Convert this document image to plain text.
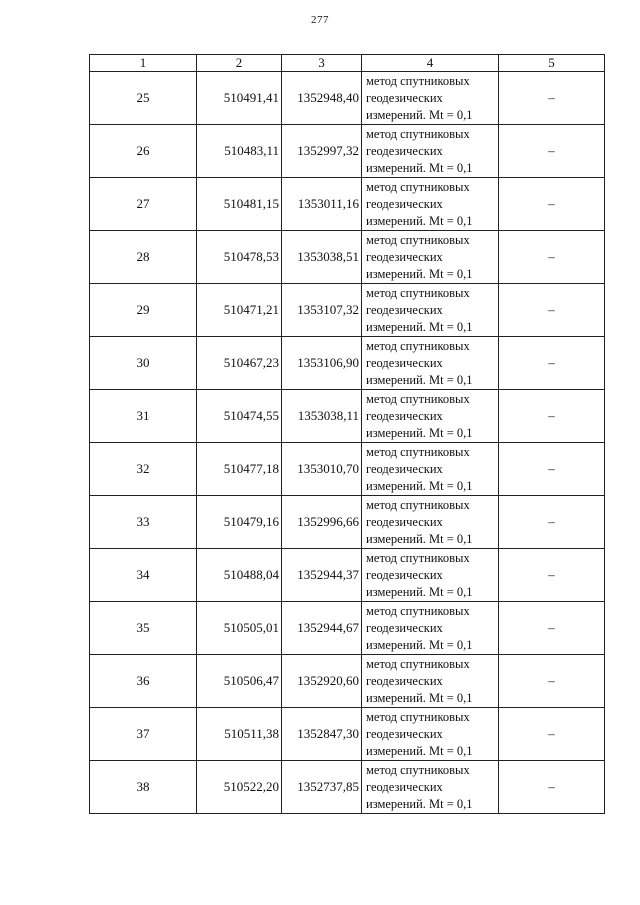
277
1	2	3	4	5
25	510491,41	1352948,40	метод спутниковых
геодезических
измерений. Mt = 0,1	–
26	510483,11	1352997,32	метод спутниковых
геодезических
измерений. Mt = 0,1	–
27	510481,15	1353011,16	метод спутниковых
геодезических
измерений. Mt = 0,1	–
28	510478,53	1353038,51	метод спутниковых
геодезических
измерений. Mt = 0,1	–
29	510471,21	1353107,32	метод спутниковых
геодезических
измерений. Mt = 0,1	–
30	510467,23	1353106,90	метод спутниковых
геодезических
измерений. Mt = 0,1	–
31	510474,55	1353038,11	метод спутниковых
геодезических
измерений. Mt = 0,1	–
32	510477,18	1353010,70	метод спутниковых
геодезических
измерений. Mt = 0,1	–
33	510479,16	1352996,66	метод спутниковых
геодезических
измерений. Mt = 0,1	–
34	510488,04	1352944,37	метод спутниковых
геодезических
измерений. Mt = 0,1	–
35	510505,01	1352944,67	метод спутниковых
геодезических
измерений. Mt = 0,1	–
36	510506,47	1352920,60	метод спутниковых
геодезических
измерений. Mt = 0,1	–
37	510511,38	1352847,30	метод спутниковых
геодезических
измерений. Mt = 0,1	–
38	510522,20	1352737,85	метод спутниковых
геодезических
измерений. Mt = 0,1	–
